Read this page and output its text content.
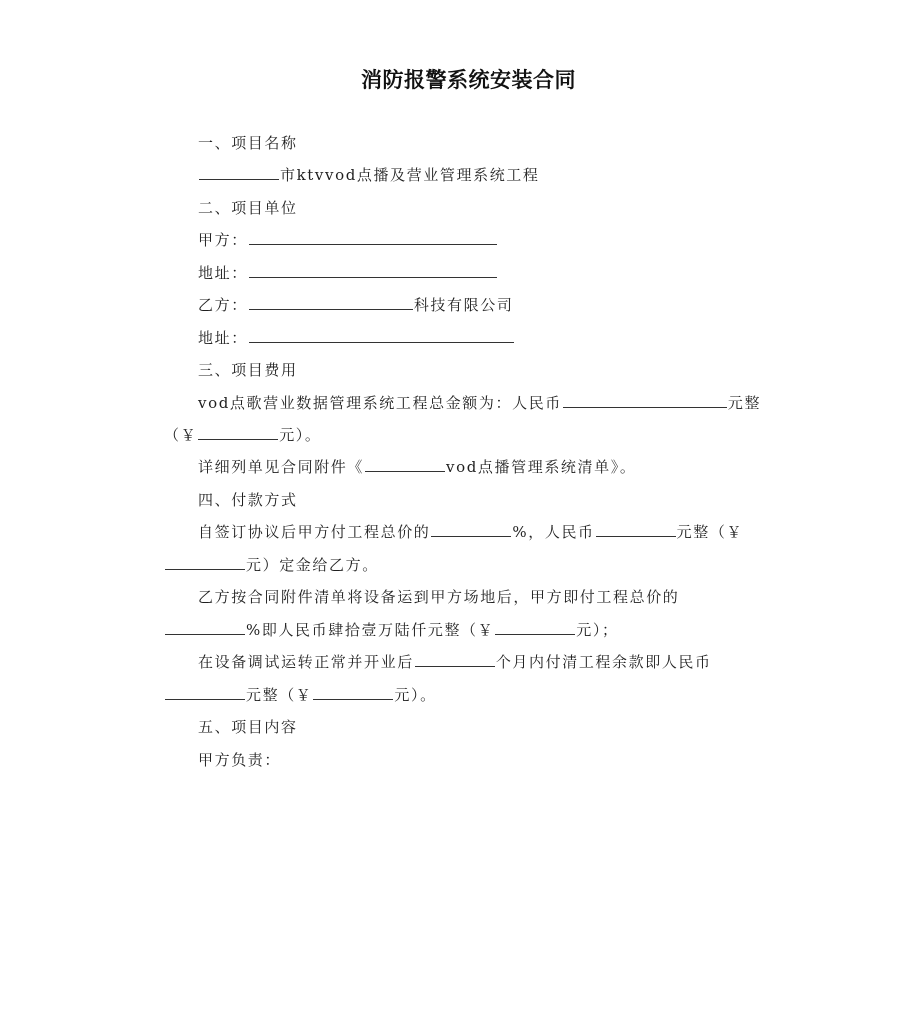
消防报警系统安装合同
一、项目名称
市ktvvod点播及营业管理系统工程
二、项目单位
甲方：
地址：
乙方：	科技有限公司
地址：
三、项目费用
vod点歌营业数据管理系统工程总金额为：人民币	元整
（￥	元）。
详细列单见合同附件《	vod点播管理系统清单》。
四、付款方式
自签订协议后甲方付工程总价的	%，人民币	元整（￥
元）定金给乙方。
乙方按合同附件清单将设备运到甲方场地后，甲方即付工程总价的
%即人民币肆拾壹万陆仟元整（￥	元）；
在设备调试运转正常并开业后	个月内付清工程余款即人民币
元整（￥	元）。
五、项目内容
甲方负责：
